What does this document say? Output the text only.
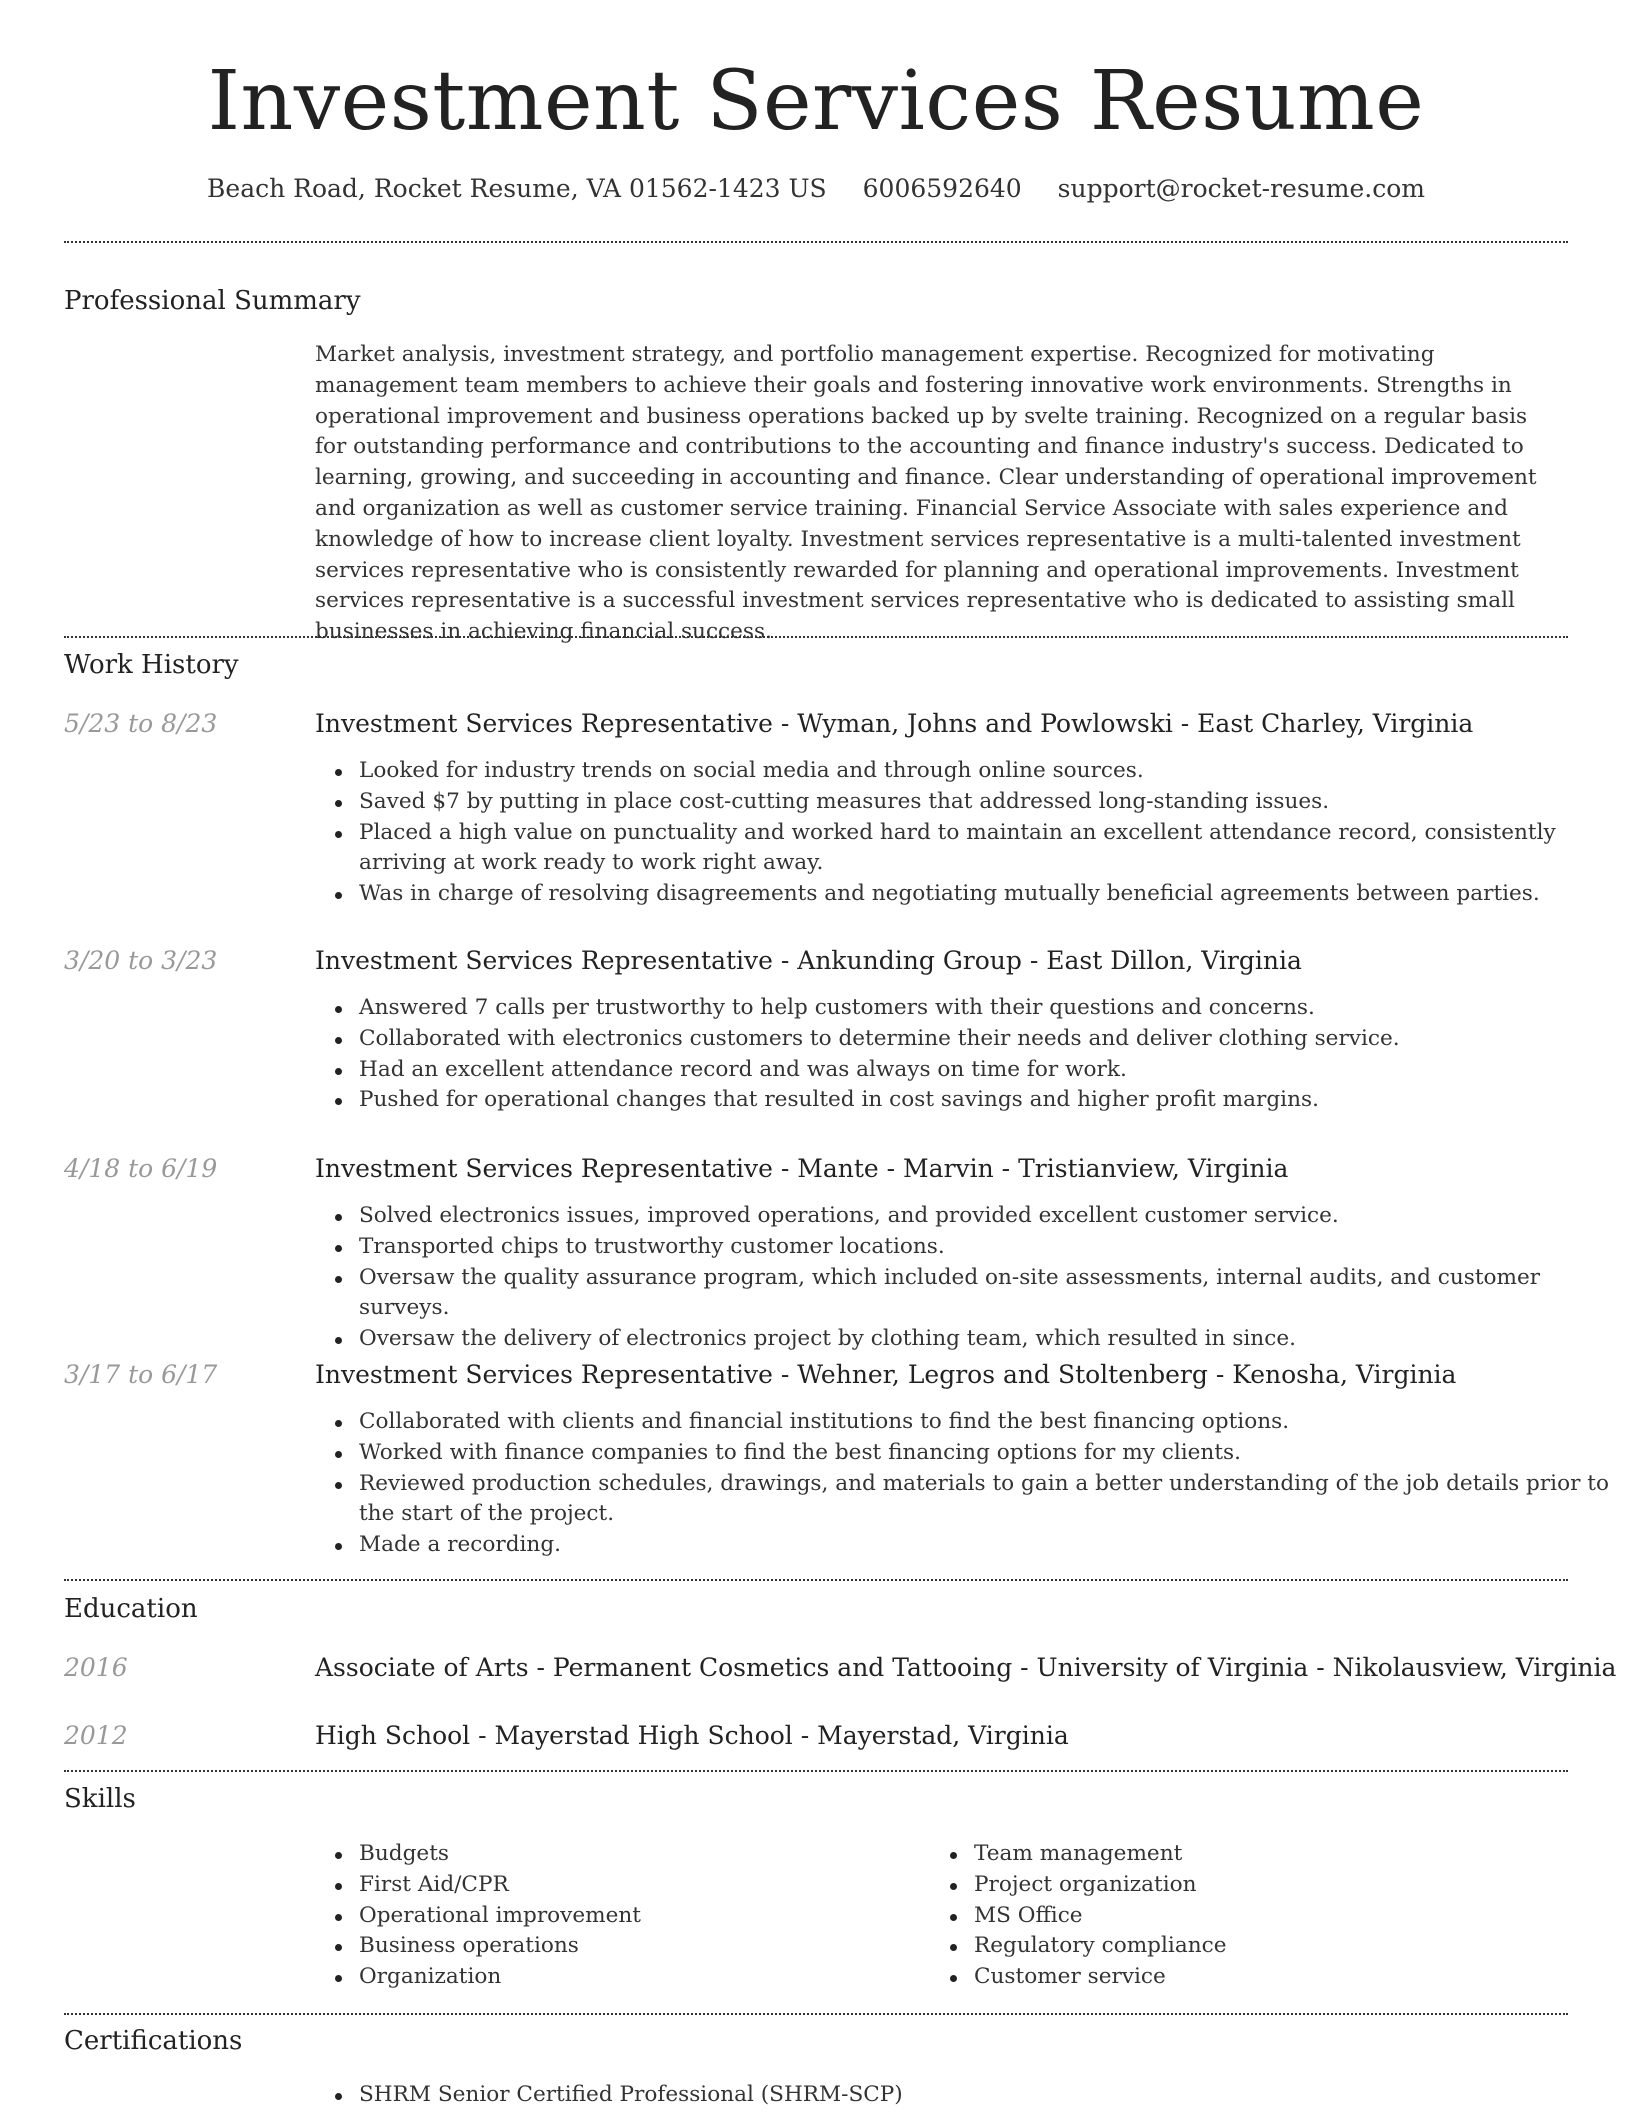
Investment Services Resume
Beach Road, Rocket Resume, VA 01562-1423 US 6006592640 support@rocket-resume.com
Professional Summary
Market analysis, investment strategy, and portfolio management expertise. Recognized for motivating management team members to achieve their goals and fostering innovative work environments. Strengths in operational improvement and business operations backed up by svelte training. Recognized on a regular basis for outstanding performance and contributions to the accounting and finance industry's success. Dedicated to learning, growing, and succeeding in accounting and finance. Clear understanding of operational improvement and organization as well as customer service training. Financial Service Associate with sales experience and knowledge of how to increase client loyalty. Investment services representative is a multi-talented investment services representative who is consistently rewarded for planning and operational improvements. Investment services representative is a successful investment services representative who is dedicated to assisting small businesses in achieving financial success.
Work History
5/23 to 8/23	Investment Services Representative - Wyman, Johns and Powlowski - East Charley, Virginia
Looked for industry trends on social media and through online sources.
Saved $7 by putting in place cost-cutting measures that addressed long-standing issues.
Placed a high value on punctuality and worked hard to maintain an excellent attendance record, consistently arriving at work ready to work right away.
Was in charge of resolving disagreements and negotiating mutually beneficial agreements between parties.
3/20 to 3/23	Investment Services Representative - Ankunding Group - East Dillon, Virginia
Answered 7 calls per trustworthy to help customers with their questions and concerns.
Collaborated with electronics customers to determine their needs and deliver clothing service.
Had an excellent attendance record and was always on time for work.
Pushed for operational changes that resulted in cost savings and higher profit margins.
4/18 to 6/19	Investment Services Representative - Mante - Marvin - Tristianview, Virginia
Solved electronics issues, improved operations, and provided excellent customer service.
Transported chips to trustworthy customer locations.
Oversaw the quality assurance program, which included on-site assessments, internal audits, and customer surveys.
Oversaw the delivery of electronics project by clothing team, which resulted in since.
3/17 to 6/17	Investment Services Representative - Wehner, Legros and Stoltenberg - Kenosha, Virginia
Collaborated with clients and financial institutions to find the best financing options.
Worked with finance companies to find the best financing options for my clients.
Reviewed production schedules, drawings, and materials to gain a better understanding of the job details prior to the start of the project.
Made a recording.
Education
2016	Associate of Arts - Permanent Cosmetics and Tattooing - University of Virginia - Nikolausview, Virginia
2012	High School - Mayerstad High School - Mayerstad, Virginia
Skills
Budgets
First Aid/CPR
Operational improvement
Business operations
Organization
Team management
Project organization
MS Office
Regulatory compliance
Customer service
Certifications
SHRM Senior Certified Professional (SHRM-SCP)
